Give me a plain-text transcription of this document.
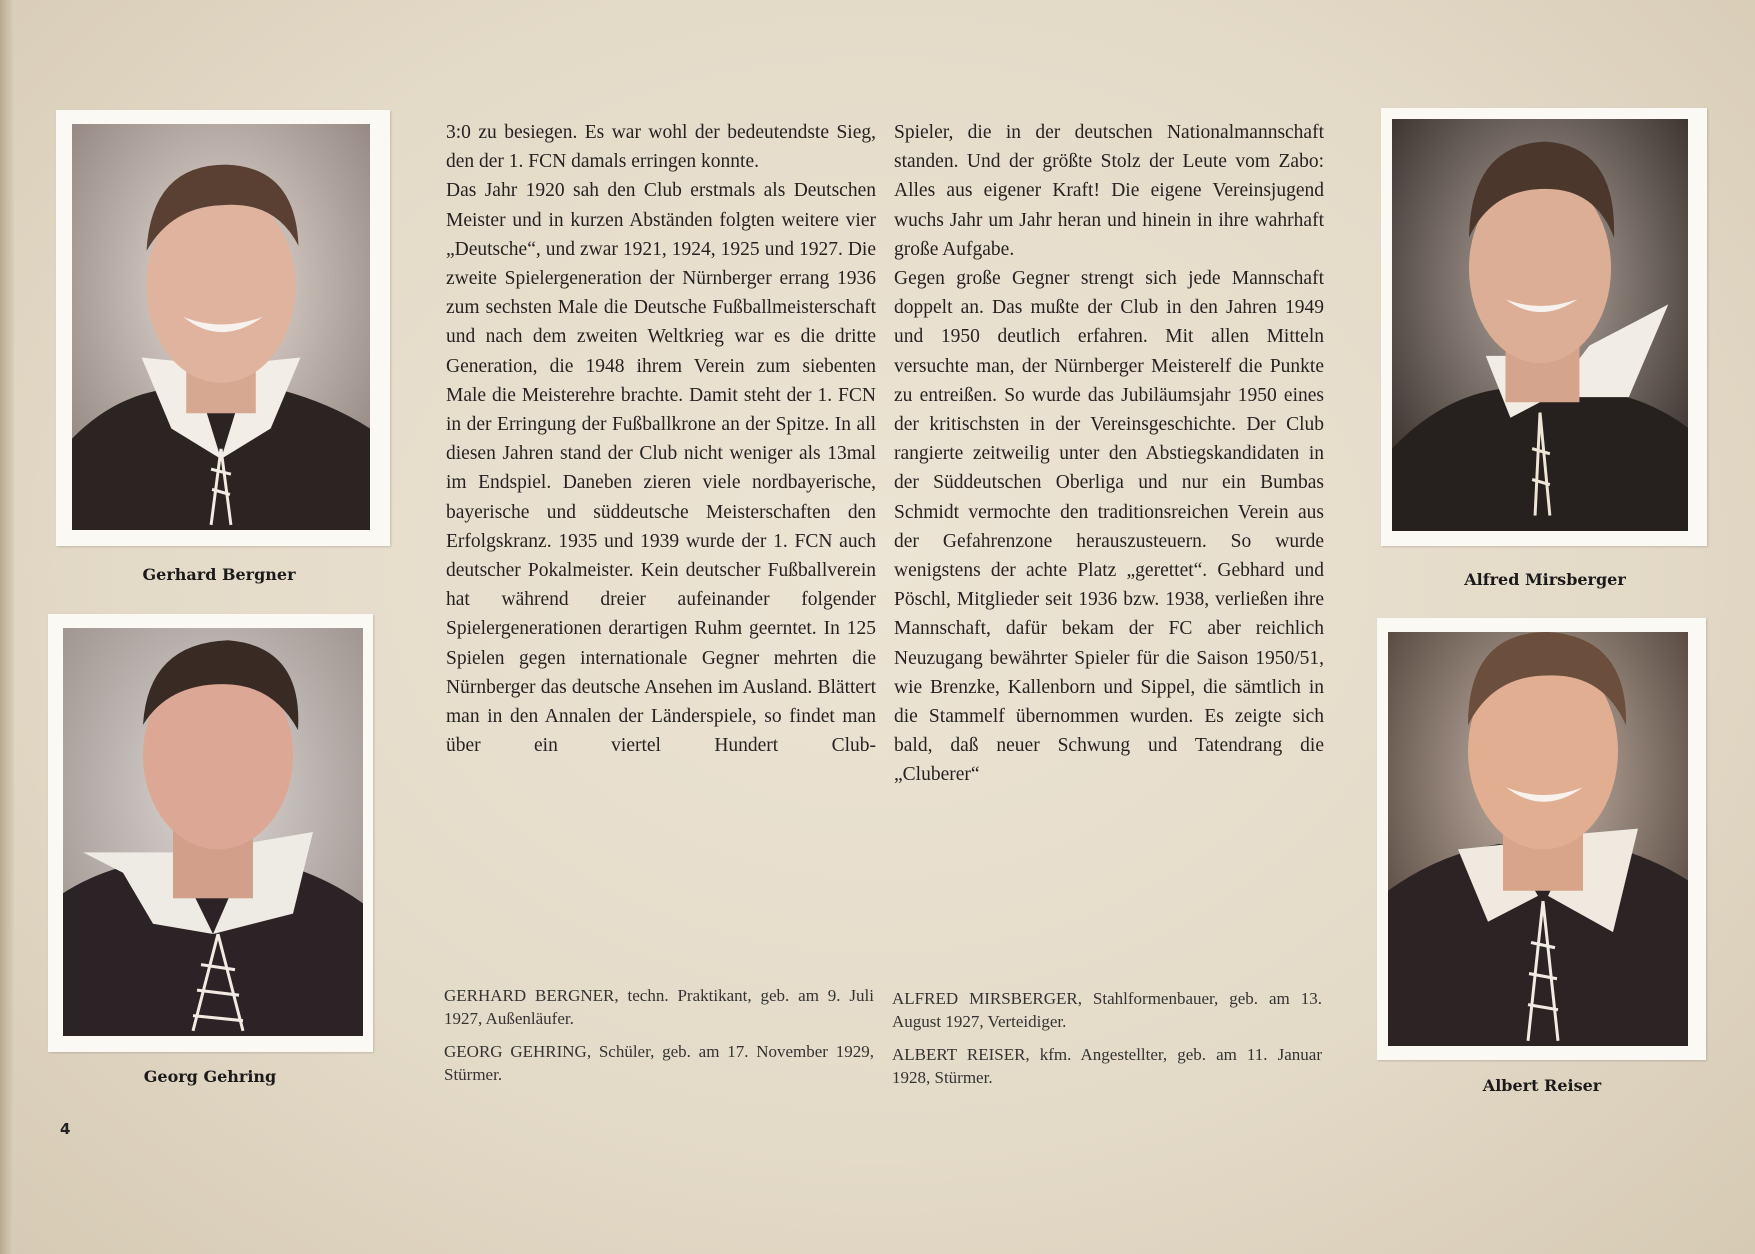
Gerhard Bergner
Georg Gehring
Alfred Mirsberger
Albert Reiser

3:0 zu besiegen. Es war wohl der bedeutendste Sieg, den der 1. FCN damals erringen konnte.

Das Jahr 1920 sah den Club erstmals als Deutschen Meister und in kurzen Abständen folgten weitere vier „Deutsche“, und zwar 1921, 1924, 1925 und 1927. Die zweite Spielergeneration der Nürnberger errang 1936 zum sechsten Male die Deutsche Fußballmeisterschaft und nach dem zweiten Weltkrieg war es die dritte Generation, die 1948 ihrem Verein zum siebenten Male die Meisterehre brachte. Damit steht der 1. FCN in der Erringung der Fußballkrone an der Spitze. In all diesen Jahren stand der Club nicht weniger als 13mal im Endspiel. Daneben zieren viele nordbayerische, bayerische und süddeutsche Meisterschaften den Erfolgskranz. 1935 und 1939 wurde der 1. FCN auch deutscher Pokalmeister. Kein deutscher Fußballverein hat während dreier aufeinander folgender Spielergenerationen derartigen Ruhm geerntet. In 125 Spielen gegen internationale Gegner mehrten die Nürnberger das deutsche Ansehen im Ausland. Blättert man in den Annalen der Länderspiele, so findet man über ein viertel Hundert Club-

Spieler, die in der deutschen Nationalmannschaft standen. Und der größte Stolz der Leute vom Zabo: Alles aus eigener Kraft! Die eigene Vereinsjugend wuchs Jahr um Jahr heran und hinein in ihre wahrhaft große Aufgabe.

Gegen große Gegner strengt sich jede Mannschaft doppelt an. Das mußte der Club in den Jahren 1949 und 1950 deutlich erfahren. Mit allen Mitteln versuchte man, der Nürnberger Meisterelf die Punkte zu entreißen. So wurde das Jubiläumsjahr 1950 eines der kritischsten in der Vereinsgeschichte. Der Club rangierte zeitweilig unter den Abstiegskandidaten in der Süddeutschen Oberliga und nur ein Bumbas Schmidt vermochte den traditionsreichen Verein aus der Gefahrenzone herauszusteuern. So wurde wenigstens der achte Platz „gerettet“. Gebhard und Pöschl, Mitglieder seit 1936 bzw. 1938, verließen ihre Mannschaft, dafür bekam der FC aber reichlich Neuzugang bewährter Spieler für die Saison 1950/51, wie Brenzke, Kallenborn und Sippel, die sämtlich in die Stammelf übernommen wurden. Es zeigte sich bald, daß neuer Schwung und Tatendrang die „Cluberer“

GERHARD BERGNER, techn. Praktikant, geb. am 9. Juli 1927, Außenläufer.

GEORG GEHRING, Schüler, geb. am 17. November 1929, Stürmer.

ALFRED MIRSBERGER, Stahlformenbauer, geb. am 13. August 1927, Verteidiger.

ALBERT REISER, kfm. Angestellter, geb. am 11. Januar 1928, Stürmer.

4
